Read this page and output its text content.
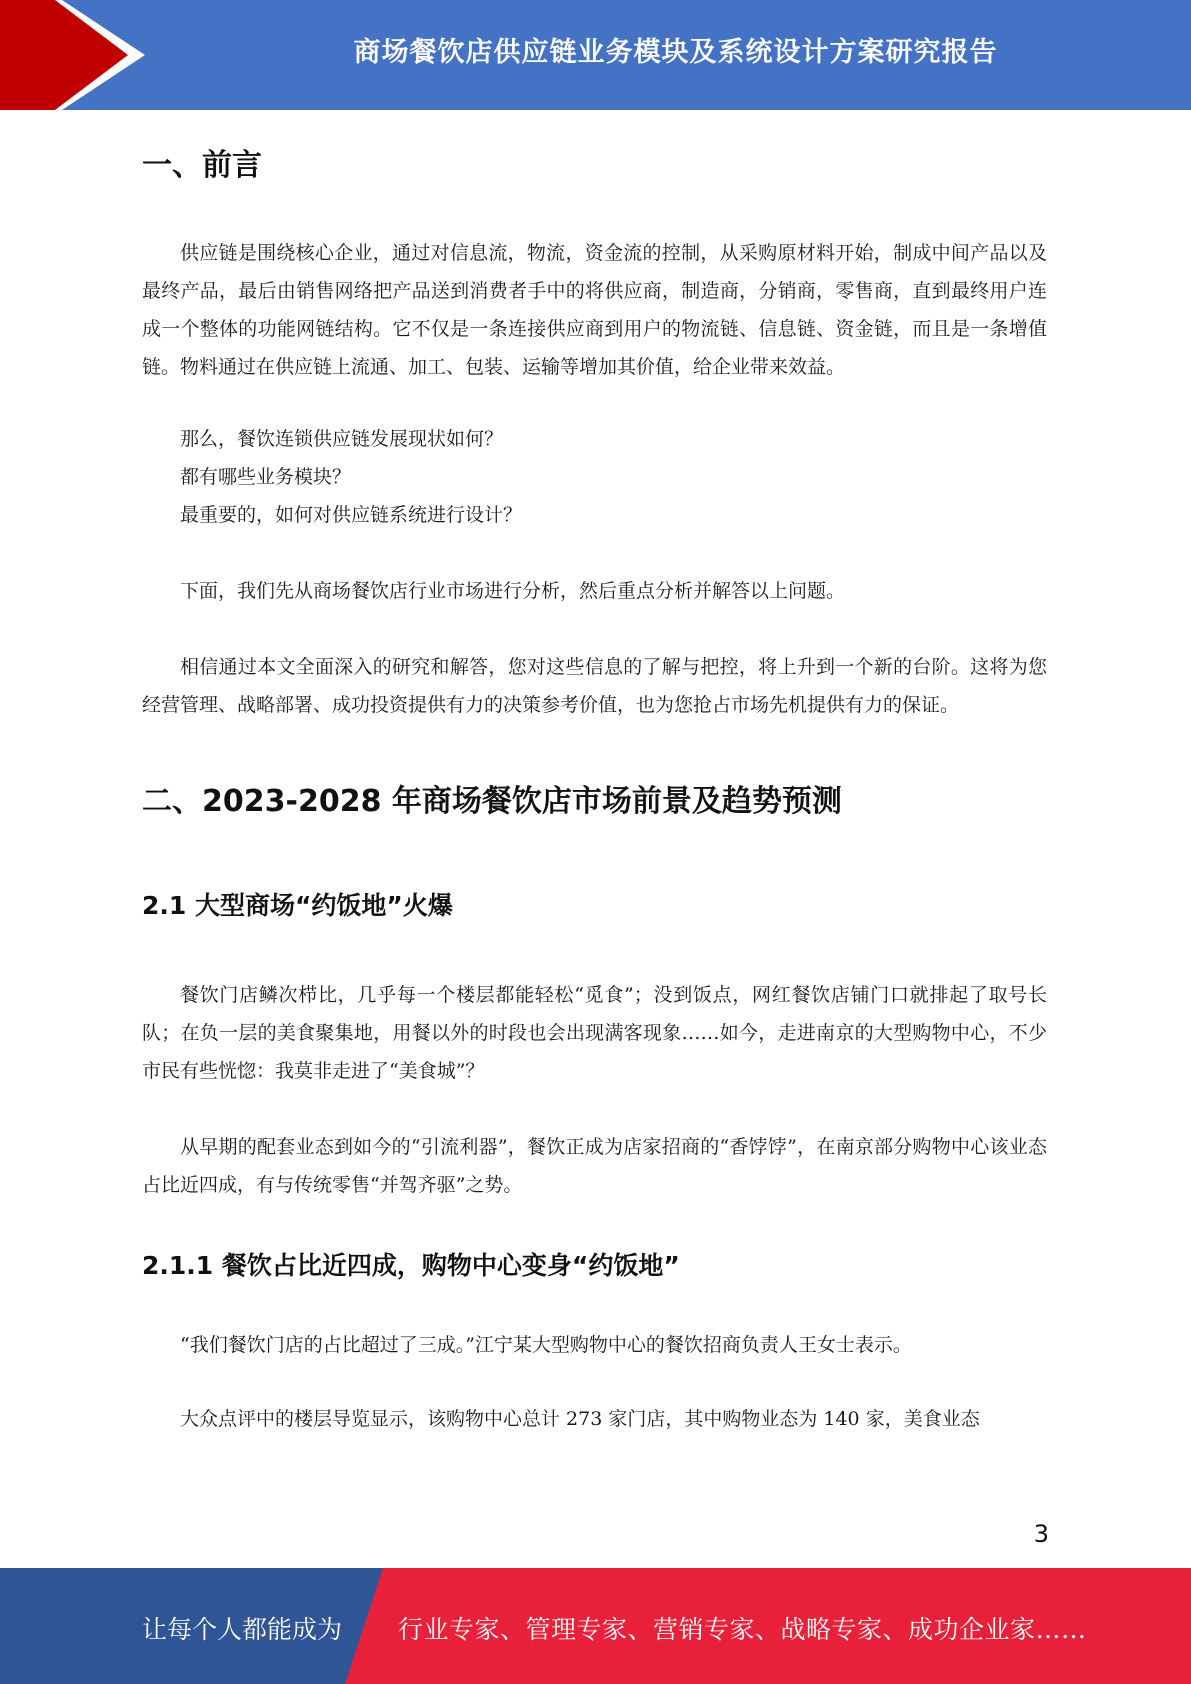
商场餐饮店供应链业务模块及系统设计方案研究报告
一、前言

供应链是围绕核心企业，通过对信息流，物流，资金流的控制，从采购原材料开始，制成中间产品以及最终产品，最后由销售网络把产品送到消费者手中的将供应商，制造商，分销商，零售商，直到最终用户连成一个整体的功能网链结构。它不仅是一条连接供应商到用户的物流链、信息链、资金链，而且是一条增值链。物料通过在供应链上流通、加工、包装、运输等增加其价值，给企业带来效益。

那么，餐饮连锁供应链发展现状如何？

都有哪些业务模块？

最重要的，如何对供应链系统进行设计？

下面，我们先从商场餐饮店行业市场进行分析，然后重点分析并解答以上问题。

相信通过本文全面深入的研究和解答，您对这些信息的了解与把控，将上升到一个新的台阶。这将为您经营管理、战略部署、成功投资提供有力的决策参考价值，也为您抢占市场先机提供有力的保证。

二、2023-2028 年商场餐饮店市场前景及趋势预测
2.1 大型商场“约饭地”火爆

餐饮门店鳞次栉比，几乎每一个楼层都能轻松“觅食”；没到饭点，网红餐饮店铺门口就排起了取号长队；在负一层的美食聚集地，用餐以外的时段也会出现满客现象……如今，走进南京的大型购物中心，不少市民有些恍惚：我莫非走进了“美食城”？

从早期的配套业态到如今的“引流利器”，餐饮正成为店家招商的“香饽饽”，在南京部分购物中心该业态占比近四成，有与传统零售“并驾齐驱”之势。

2.1.1 餐饮占比近四成，购物中心变身“约饭地”

“我们餐饮门店的占比超过了三成。”江宁某大型购物中心的餐饮招商负责人王女士表示。

大众点评中的楼层导览显示，该购物中心总计 273 家门店，其中购物业态为 140 家，美食业态

3
让每个人都能成为 行业专家、管理专家、营销专家、战略专家、成功企业家……
